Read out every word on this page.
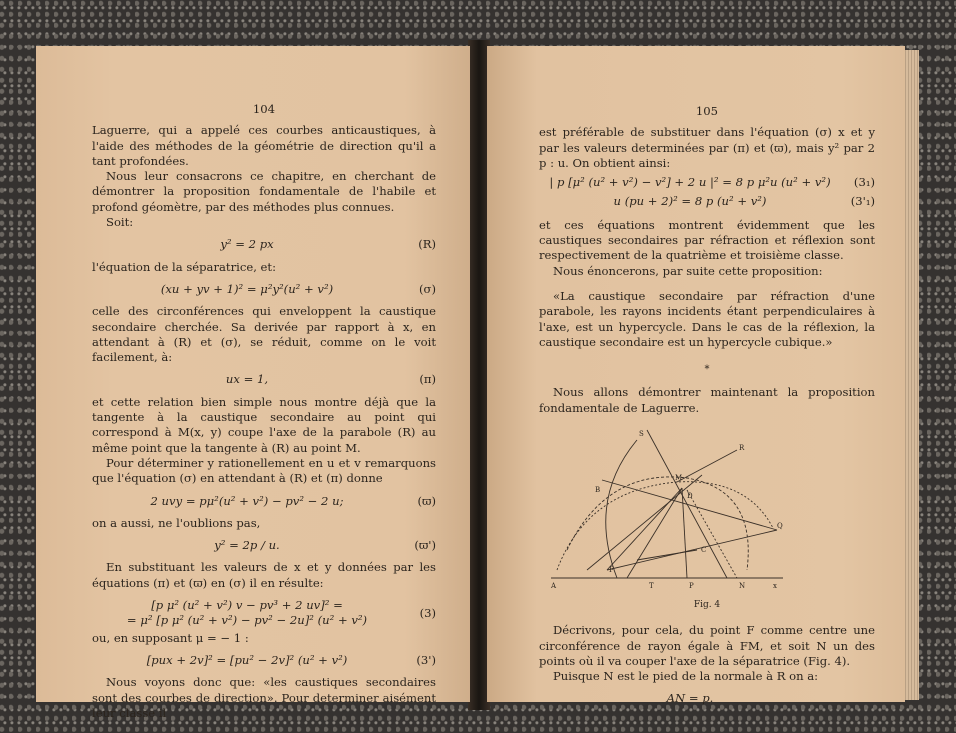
104

Laguerre, qui a appelé ces courbes anticaustiques, à l'aide des méthodes de la géométrie de direction qu'il a tant profondées.

Nous leur consacrons ce chapitre, en cherchant de démontrer la proposition fondamentale de l'habile et profond géomètre, par des méthodes plus connues.

Soit:

y² = 2 px	(R)

l'équation de la séparatrice, et:

(xu + yv + 1)² = μ²y²(u² + v²)	(σ)

celle des circonférences qui enveloppent la caustique secondaire cherchée. Sa derivée par rapport à x, en attendant à (R) et (σ), se réduit, comme on le voit facilement, à:

ux = 1,	(π)

et cette relation bien simple nous montre déjà que la tangente à la caustique secondaire au point qui correspond à M(x, y) coupe l'axe de la parabole (R) au même point que la tangente à (R) au point M.

Pour déterminer y rationellement en u et v remarquons que l'équation (σ) en attendant à (R) et (π) donne

2 uvy = pμ²(u² + v²) − pv² − 2 u;	(ϖ)

on a aussi, ne l'oublions pas,

y² = 2p / u.	(ϖ')

En substituant les valeurs de x et y données par les équations (π) et (ϖ) en (σ) il en résulte:

[p μ² (u² + v²) v − pv³ + 2 uv]² =
= μ² [p μ² (u² + v²) − pv² − 2u]² (u² + v²)
(3)

ou, en supposant μ = − 1 :

[pux + 2v]² = [pu² − 2v]² (u² + v²)	(3')

Nous voyons donc que: «les caustiques secondaires sont des courbes de direction». Pour determiner aisément leur classe il

105

est préférable de substituer dans l'équation (σ) x et y par les valeurs determinées par (π) et (ϖ), mais y² par 2 p : u. On obtient ainsi:

| p [μ² (u² + v²) − v²] + 2 u |² = 8 p μ²u (u² + v²)	(3₁)
u (pu + 2)² = 8 p (u² + v²)	(3'₁)

et ces équations montrent évidemment que les caustiques secondaires par réfraction et réflexion sont respectivement de la quatrième et troisième classe.

Nous énoncerons, par suite cette proposition:

«La caustique secondaire par réfraction d'une parabole, les rayons incidents étant perpendiculaires à l'axe, est un hypercycle. Dans le cas de la réflexion, la caustique secondaire est un hypercycle cubique.»

*

Nous allons démontrer maintenant la proposition fondamentale de Laguerre.

S
R
M
B
Q
D
F
N
A	x
T	P
C
Fig. 4

Décrivons, pour cela, du point F comme centre une circonférence de rayon égale à FM, et soit N un des points où il va couper l'axe de la séparatrice (Fig. 4).

Puisque N est le pied de la normale à R on a:

AN = p.
